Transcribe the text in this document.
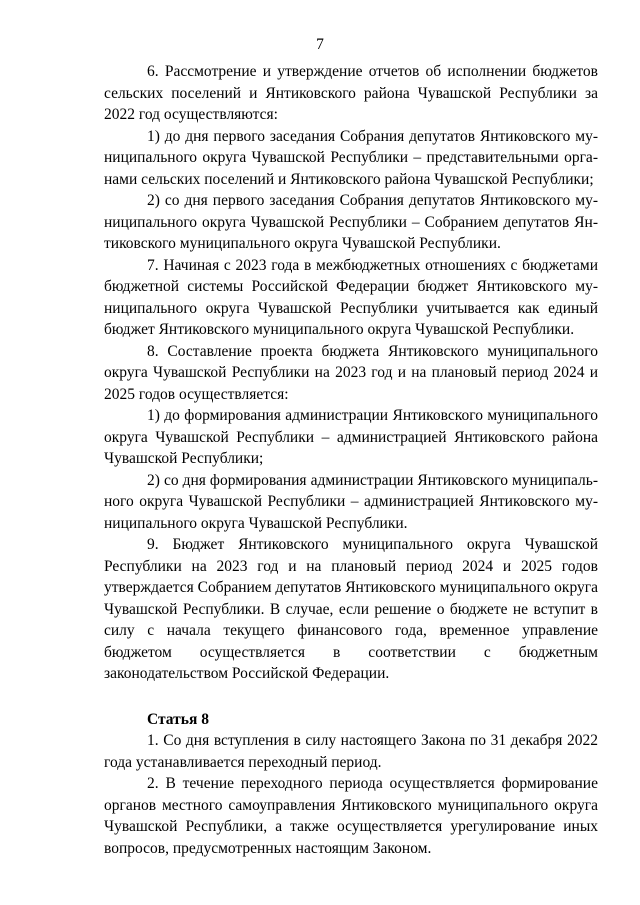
7

6. Рассмотрение и утверждение отчетов об исполнении бюджетов сельских поселений и Янтиковского района Чувашской Республики за 2022 год осуществляются:

1) до дня первого заседания Собрания депутатов Янтиковского муниципального округа Чувашской Республики – представительными органами сельских поселений и Янтиковского района Чувашской Республики;

2) со дня первого заседания Собрания депутатов Янтиковского муниципального округа Чувашской Республики – Собранием депутатов Янтиковского муниципального округа Чувашской Республики.

7. Начиная с 2023 года в межбюджетных отношениях с бюджетами бюджетной системы Российской Федерации бюджет Янтиковского муниципального округа Чувашской Республики учитывается как единый бюджет Янтиковского муниципального округа Чувашской Республики.

8. Составление проекта бюджета Янтиковского муниципального округа Чувашской Республики на 2023 год и на плановый период 2024 и 2025 годов осуществляется:

1) до формирования администрации Янтиковского муниципального округа Чувашской Республики – администрацией Янтиковского района Чувашской Республики;

2) со дня формирования администрации Янтиковского муниципального округа Чувашской Республики – администрацией Янтиковского муниципального округа Чувашской Республики.

9. Бюджет Янтиковского муниципального округа Чувашской Республики на 2023 год и на плановый период 2024 и 2025 годов утверждается Собранием депутатов Янтиковского муниципального округа Чувашской Республики. В случае, если решение о бюджете не вступит в силу с начала текущего финансового года, временное управление бюджетом осуществляется в соответствии с бюджетным законодательством Российской Федерации.

Статья 8

1. Со дня вступления в силу настоящего Закона по 31 декабря 2022 года устанавливается переходный период.

2. В течение переходного периода осуществляется формирование органов местного самоуправления Янтиковского муниципального округа Чувашской Республики, а также осуществляется урегулирование иных вопросов, предусмотренных настоящим Законом.
